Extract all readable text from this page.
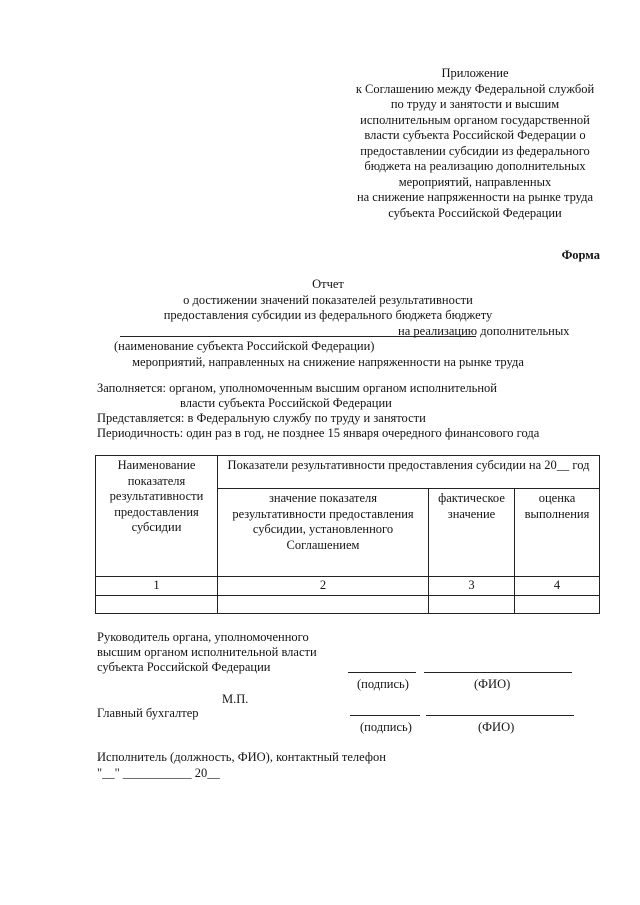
Приложение
к Соглашению между Федеральной службой
по труду и занятости и высшим
исполнительным органом государственной
власти субъекта Российской Федерации о
предоставлении субсидии из федерального
бюджета на реализацию дополнительных
мероприятий, направленных
на снижение напряженности на рынке труда
субъекта Российской Федерации
Форма
Отчет
о достижении значений показателей результативности
предоставления субсидии из федерального бюджета бюджету
на реализацию дополнительных
(наименование субъекта Российской Федерации)
мероприятий, направленных на снижение напряженности на рынке труда
Заполняется: органом, уполномоченным высшим органом исполнительной
власти субъекта Российской Федерации
Представляется: в Федеральную службу по труду и занятости
Периодичность: один раз в год, не позднее 15 января очередного финансового года
Наименование показателя результативности предоставления субсидии	Показатели результативности предоставления субсидии на 20__ год		
	значение показателя результативности предоставления субсидии, установленного Соглашением	фактическое значение	оценка выполнения
1	2	3	4

Руководитель органа, уполномоченного
высшим органом исполнительной власти
субъекта Российской Федерации
(подпись)	(ФИО)
М.П.
Главный бухгалтер
(подпись)	(ФИО)
Исполнитель (должность, ФИО), контактный телефон
"__" ___________ 20__
